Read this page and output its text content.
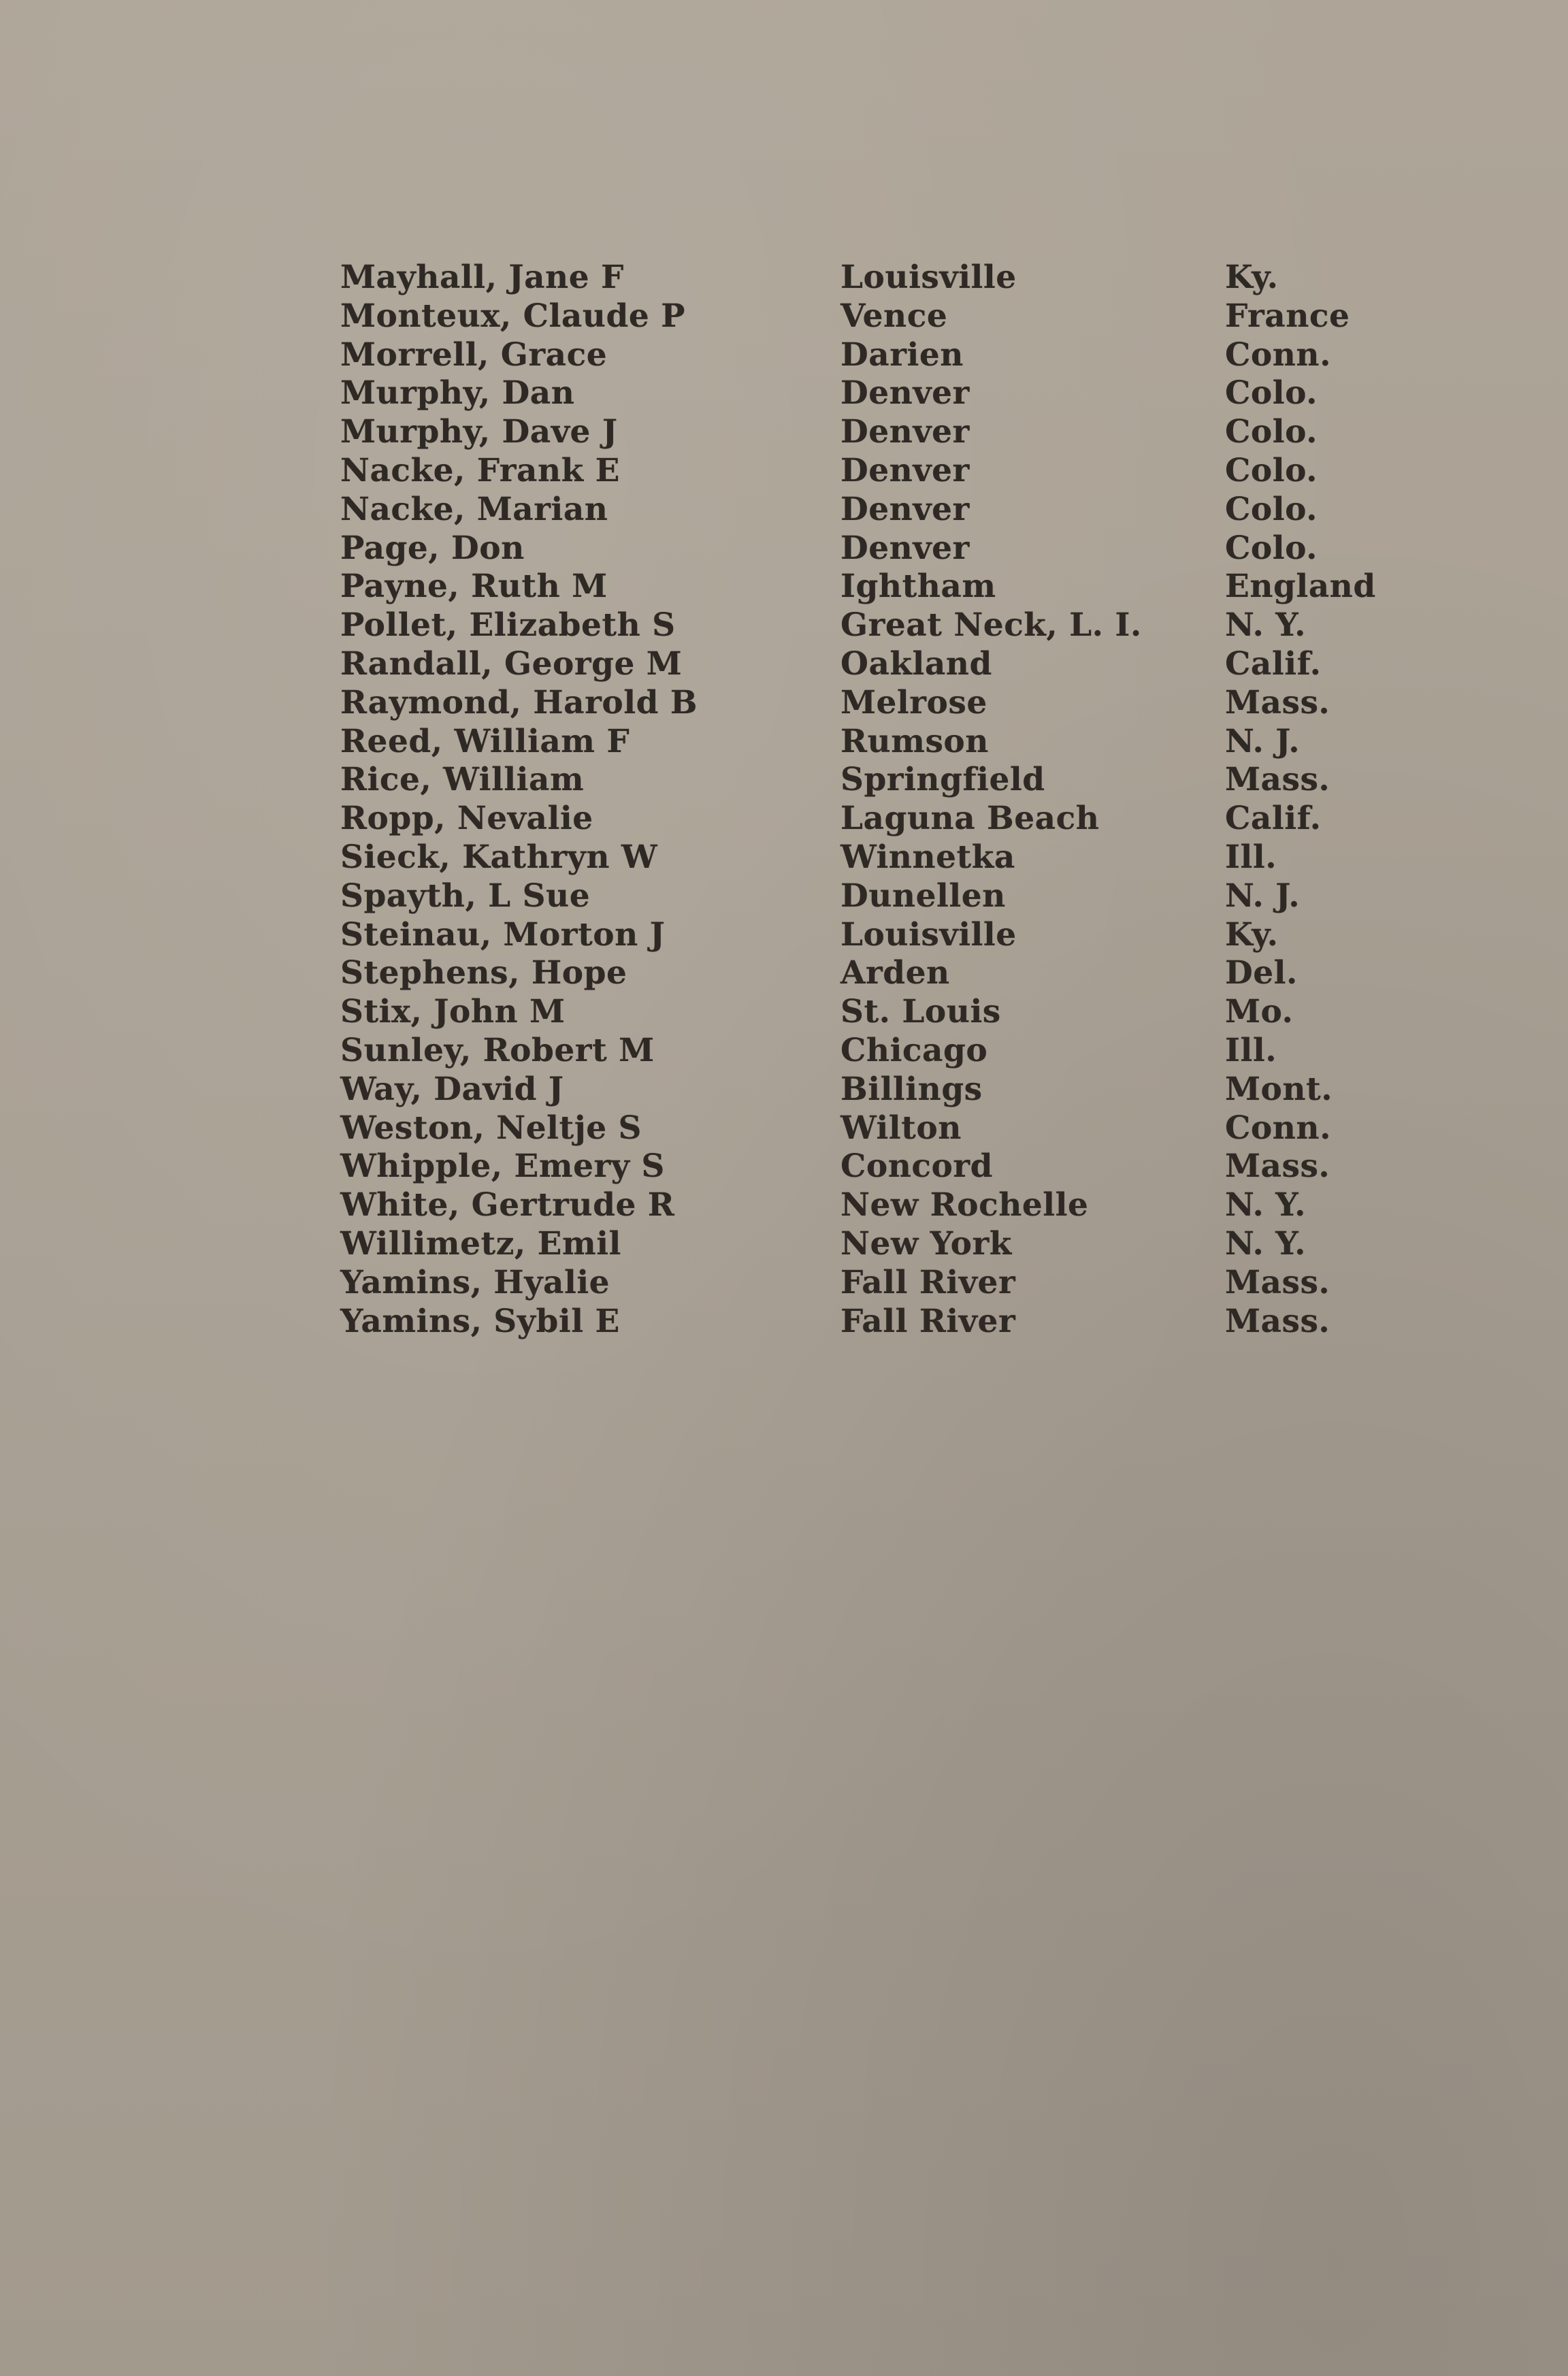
Mayhall, Jane F	Louisville	Ky.
Monteux, Claude P	Vence	France
Morrell, Grace	Darien	Conn.
Murphy, Dan	Denver	Colo.
Murphy, Dave J	Denver	Colo.
Nacke, Frank E	Denver	Colo.
Nacke, Marian	Denver	Colo.
Page, Don	Denver	Colo.
Payne, Ruth M	Ightham	England
Pollet, Elizabeth S	Great Neck, L. I.	N. Y.
Randall, George M	Oakland	Calif.
Raymond, Harold B	Melrose	Mass.
Reed, William F	Rumson	N. J.
Rice, William	Springfield	Mass.
Ropp, Nevalie	Laguna Beach	Calif.
Sieck, Kathryn W	Winnetka	Ill.
Spayth, L Sue	Dunellen	N. J.
Steinau, Morton J	Louisville	Ky.
Stephens, Hope	Arden	Del.
Stix, John M	St. Louis	Mo.
Sunley, Robert M	Chicago	Ill.
Way, David J	Billings	Mont.
Weston, Neltje S	Wilton	Conn.
Whipple, Emery S	Concord	Mass.
White, Gertrude R	New Rochelle	N. Y.
Willimetz, Emil	New York	N. Y.
Yamins, Hyalie	Fall River	Mass.
Yamins, Sybil E	Fall River	Mass.
